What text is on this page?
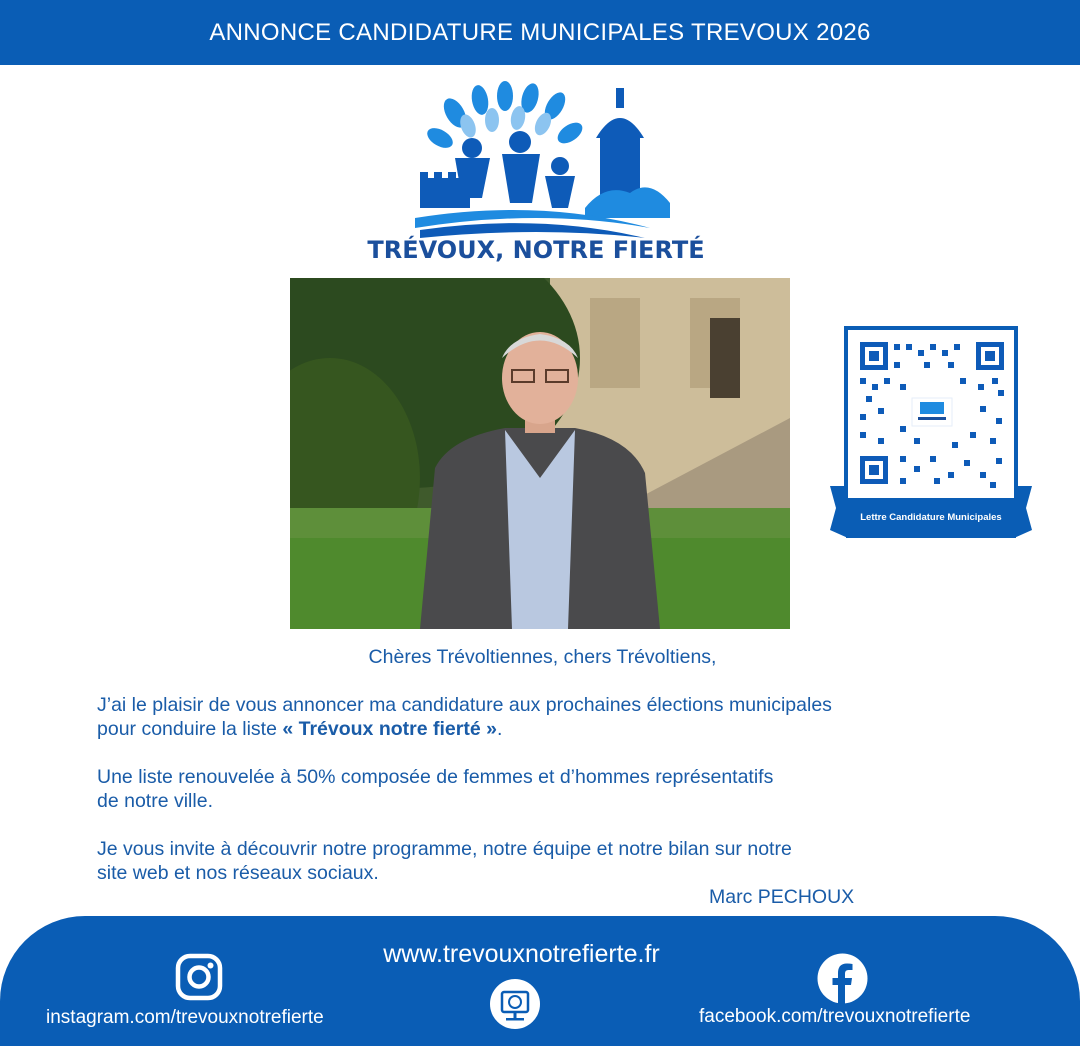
ANNONCE CANDIDATURE MUNICIPALES TREVOUX 2026
TRÉVOUX, NOTRE FIERTÉ
Lettre Candidature Municipales
Chères Trévoltiennes, chers Trévoltiens,
J’ai le plaisir de vous annoncer ma candidature aux prochaines élections municipales
pour conduire la liste « Trévoux notre fierté ».
Une liste renouvelée à 50% composée de femmes et d’hommes représentatifs
de notre ville.
Je vous invite à découvrir notre programme, notre équipe et notre bilan sur notre
site web et nos réseaux sociaux.
Marc PECHOUX
www.trevouxnotrefierte.fr
instagram.com/trevouxnotrefierte	facebook.com/trevouxnotrefierte
